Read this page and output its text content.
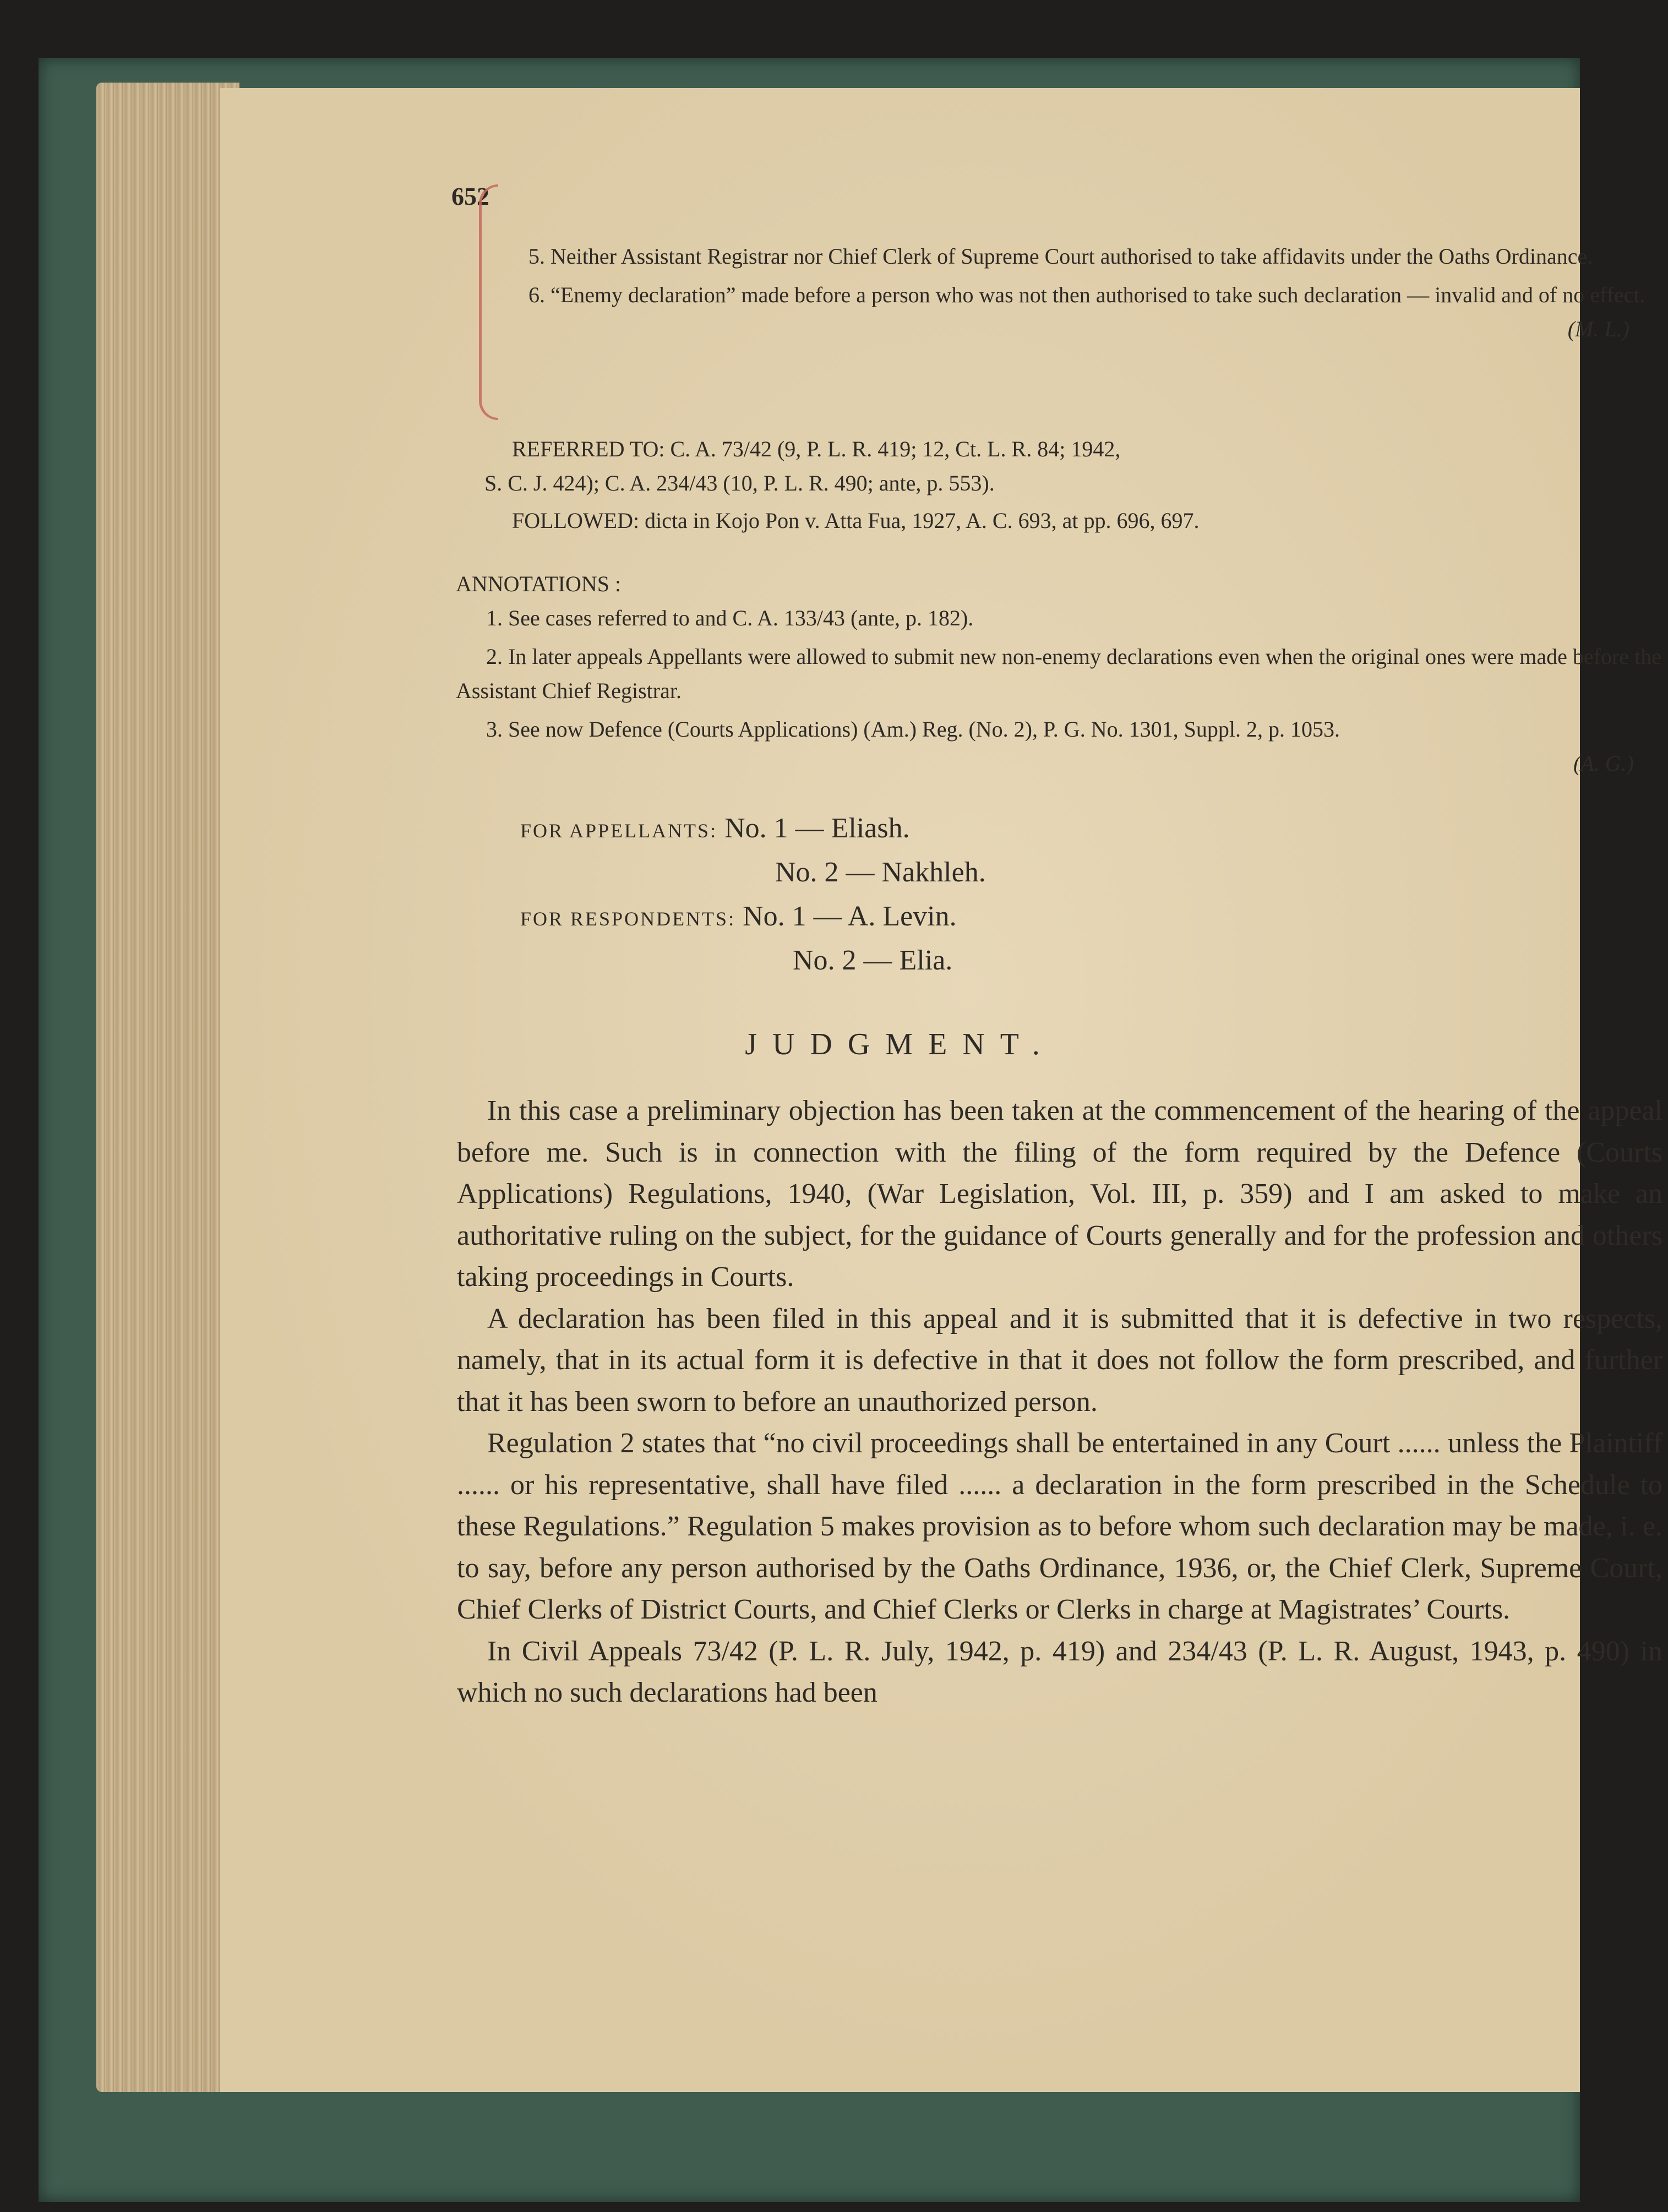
652
5. Neither Assistant Registrar nor Chief Clerk of Supreme Court authorised to take affidavits under the Oaths Ordinance.
6. “Enemy declaration” made before a person who was not then authorised to take such declaration — invalid and of no effect.
(M. L.)
REFERRED TO: C. A. 73/42 (9, P. L. R. 419; 12, Ct. L. R. 84; 1942,
S. C. J. 424); C. A. 234/43 (10, P. L. R. 490; ante, p. 553).
FOLLOWED: dicta in Kojo Pon v. Atta Fua, 1927, A. C. 693, at pp. 696, 697.
ANNOTATIONS :
1. See cases referred to and C. A. 133/43 (ante, p. 182).
2. In later appeals Appellants were allowed to submit new non-enemy declarations even when the original ones were made before the Assistant Chief Registrar.
3. See now Defence (Courts Applications) (Am.) Reg. (No. 2), P. G. No. 1301, Suppl. 2, p. 1053.
(A. G.)
FOR APPELLANTS: No. 1 — Eliash.
No. 2 — Nakhleh.
FOR RESPONDENTS: No. 1 — A. Levin.
No. 2 — Elia.
JUDGMENT.

In this case a preliminary objection has been taken at the commencement of the hearing of the appeal before me. Such is in connection with the filing of the form required by the Defence (Courts Applications) Regulations, 1940, (War Legislation, Vol. III, p. 359) and I am asked to make an authoritative ruling on the subject, for the guidance of Courts generally and for the profession and others taking proceedings in Courts.

A declaration has been filed in this appeal and it is submitted that it is defective in two respects, namely, that in its actual form it is defective in that it does not follow the form prescribed, and further that it has been sworn to before an unauthorized person.

Regulation 2 states that “no civil proceedings shall be entertained in any Court ...... unless the Plaintiff ...... or his representative, shall have filed ...... a declaration in the form prescribed in the Schedule to these Regulations.” Regulation 5 makes provision as to before whom such declaration may be made, i. e. to say, before any person authorised by the Oaths Ordinance, 1936, or, the Chief Clerk, Supreme Court, Chief Clerks of District Courts, and Chief Clerks or Clerks in charge at Magistrates’ Courts.

In Civil Appeals 73/42 (P. L. R. July, 1942, p. 419) and 234/43 (P. L. R. August, 1943, p. 490) in which no such declarations had been
